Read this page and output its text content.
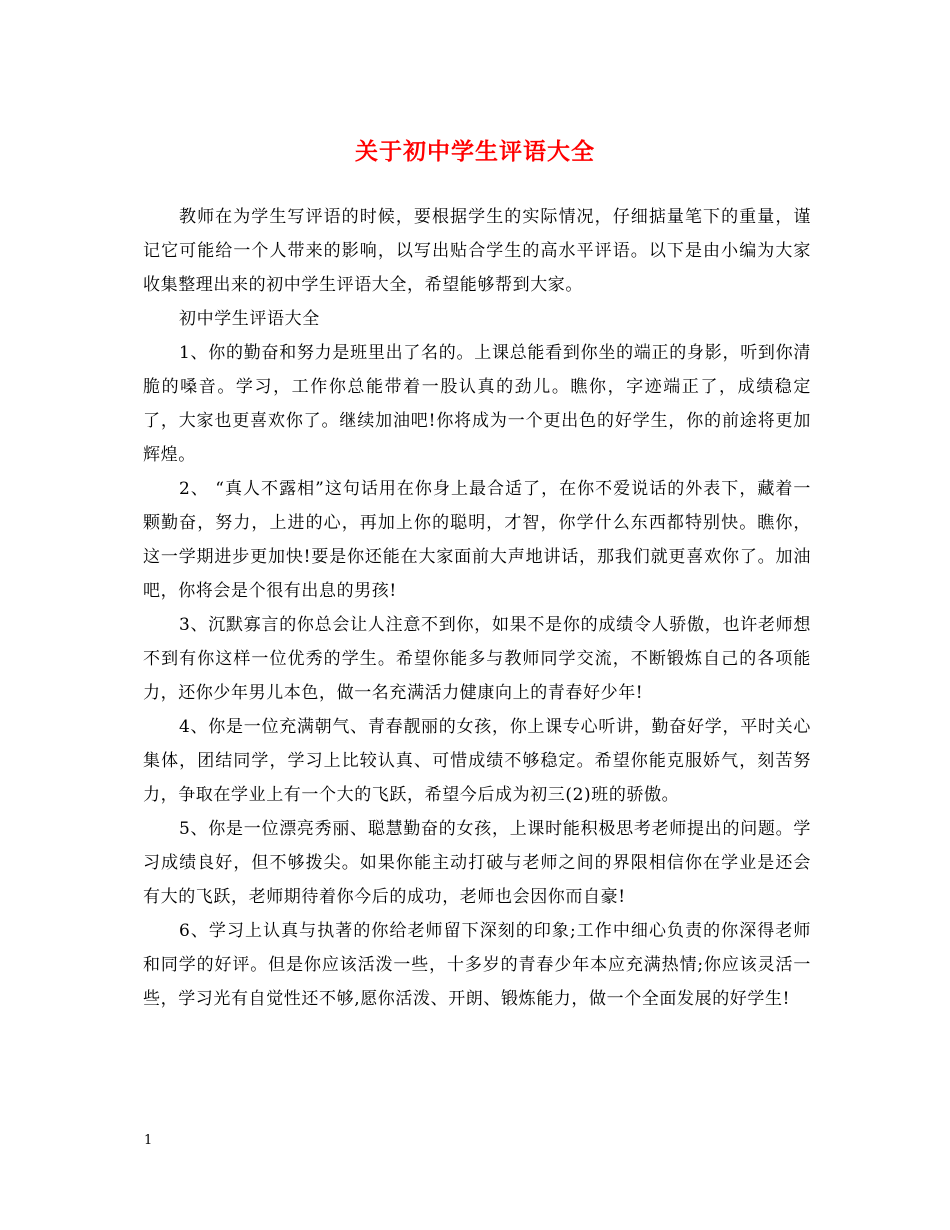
关于初中学生评语大全

教师在为学生写评语的时候，要根据学生的实际情况，仔细掂量笔下的重量，谨记它可能给一个人带来的影响，以写出贴合学生的高水平评语。以下是由小编为大家收集整理出来的初中学生评语大全，希望能够帮到大家。

初中学生评语大全

1、你的勤奋和努力是班里出了名的。上课总能看到你坐的端正的身影，听到你清脆的嗓音。学习，工作你总能带着一股认真的劲儿。瞧你，字迹端正了，成绩稳定了，大家也更喜欢你了。继续加油吧!你将成为一个更出色的好学生，你的前途将更加辉煌。

2、 “真人不露相”这句话用在你身上最合适了，在你不爱说话的外表下，藏着一颗勤奋，努力，上进的心，再加上你的聪明，才智，你学什么东西都特别快。瞧你，这一学期进步更加快!要是你还能在大家面前大声地讲话，那我们就更喜欢你了。加油吧，你将会是个很有出息的男孩!

3、沉默寡言的你总会让人注意不到你，如果不是你的成绩令人骄傲，也许老师想不到有你这样一位优秀的学生。希望你能多与教师同学交流，不断锻炼自己的各项能力，还你少年男儿本色，做一名充满活力健康向上的青春好少年!

4、你是一位充满朝气、青春靓丽的女孩，你上课专心听讲，勤奋好学，平时关心集体，团结同学，学习上比较认真、可惜成绩不够稳定。希望你能克服娇气，刻苦努力，争取在学业上有一个大的飞跃，希望今后成为初三(2)班的骄傲。

5、你是一位漂亮秀丽、聪慧勤奋的女孩，上课时能积极思考老师提出的问题。学习成绩良好，但不够拨尖。如果你能主动打破与老师之间的界限相信你在学业是还会有大的飞跃，老师期待着你今后的成功，老师也会因你而自豪!

6、学习上认真与执著的你给老师留下深刻的印象;工作中细心负责的你深得老师和同学的好评。但是你应该活泼一些，十多岁的青春少年本应充满热情;你应该灵活一些，学习光有自觉性还不够,愿你活泼、开朗、锻炼能力，做一个全面发展的好学生!

1
